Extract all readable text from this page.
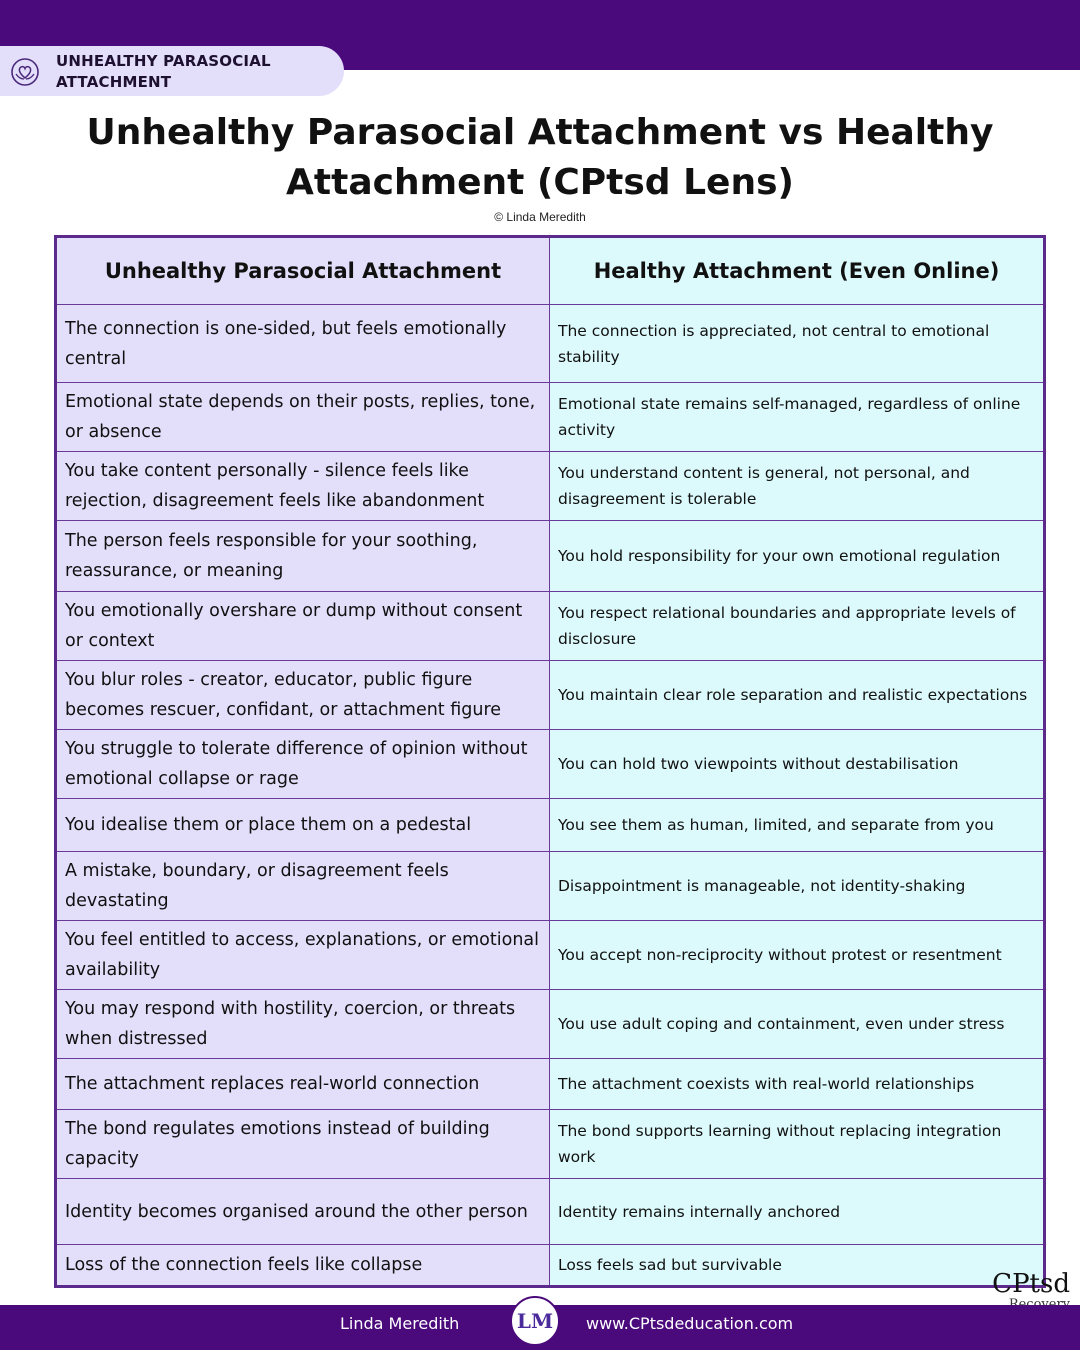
UNHEALTHY PARASOCIAL ATTACHMENT
Unhealthy Parasocial Attachment vs Healthy Attachment (CPtsd Lens)
© Linda Meredith
Unhealthy Parasocial Attachment	Healthy Attachment (Even Online)
The connection is one-sided, but feels emotionally central	The connection is appreciated, not central to emotional stability
Emotional state depends on their posts, replies, tone, or absence	Emotional state remains self-managed, regardless of online activity
You take content personally - silence feels like rejection, disagreement feels like abandonment	You understand content is general, not personal, and disagreement is tolerable
The person feels responsible for your soothing, reassurance, or meaning	You hold responsibility for your own emotional regulation
You emotionally overshare or dump without consent or context	You respect relational boundaries and appropriate levels of disclosure
You blur roles - creator, educator, public figure becomes rescuer, confidant, or attachment figure	You maintain clear role separation and realistic expectations
You struggle to tolerate difference of opinion without emotional collapse or rage	You can hold two viewpoints without destabilisation
You idealise them or place them on a pedestal	You see them as human, limited, and separate from you
A mistake, boundary, or disagreement feels devastating	Disappointment is manageable, not identity-shaking
You feel entitled to access, explanations, or emotional availability	You accept non-reciprocity without protest or resentment
You may respond with hostility, coercion, or threats when distressed	You use adult coping and containment, even under stress
The attachment replaces real-world connection	The attachment coexists with real-world relationships
The bond regulates emotions instead of building capacity	The bond supports learning without replacing integration work
Identity becomes organised around the other person	Identity remains internally anchored
Loss of the connection feels like collapse	Loss feels sad but survivable
CPtsd
Linda Meredith	LM	www.CPtsdeducation.com
